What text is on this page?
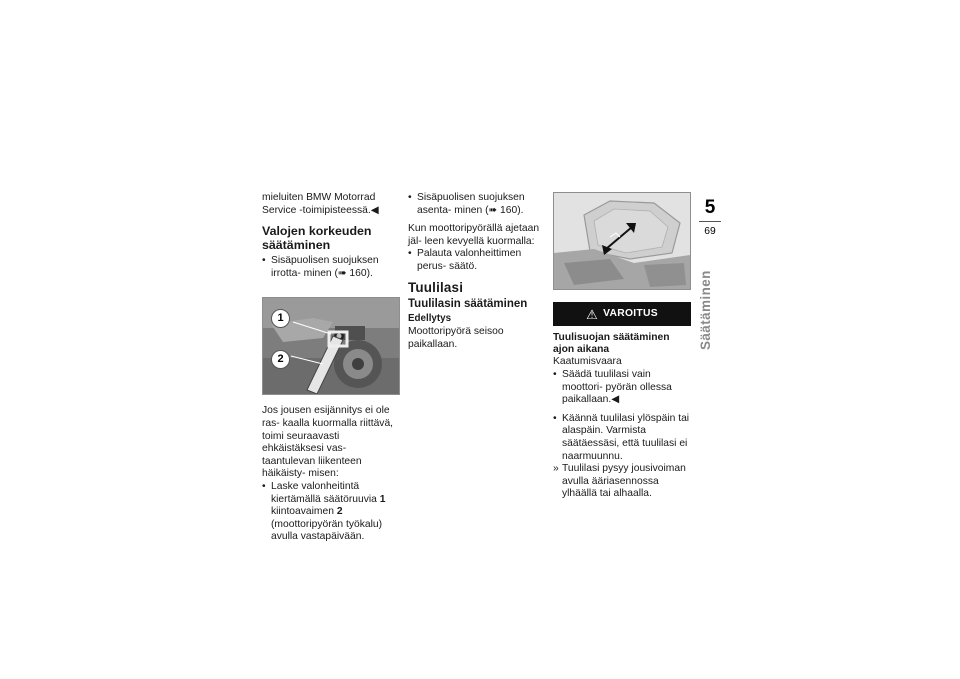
mieluiten BMW Motorrad Service -toimipisteessä.◀

Valojen korkeuden säätäminen
• Sisäpuolisen suojuksen irrotta- minen (➠ 160).
1
2

Jos jousen esijännitys ei ole ras- kaalla kuormalla riittävä, toimi seuraavasti ehkäistäksesi vas- taantulevan liikenteen häikäisty- misen:

• Laske valonheitintä kiertämällä säätöruuvia 1 kiintoavaimen 2 (moottoripyörän työkalu) avulla vastapäivään.
• Sisäpuolisen suojuksen asenta- minen (➠ 160).

Kun moottoripyörällä ajetaan jäl- leen kevyellä kuormalla:

• Palauta valonheittimen perus- säätö.
Tuulilasi
Tuulilasin säätäminen
Edellytys

Moottoripyörä seisoo paikallaan.

⚠ VAROITUS
Tuulisuojan säätäminen ajon aikana

Kaatumisvaara

• Säädä tuulilasi vain moottori- pyörän ollessa paikallaan.◀
• Käännä tuulilasi ylöspäin tai alaspäin. Varmista säätäessäsi, että tuulilasi ei naarmuunnu.
» Tuulilasi pysyy jousivoiman avulla ääriasennossa ylhäällä tai alhaalla.
5
69
Säätäminen
